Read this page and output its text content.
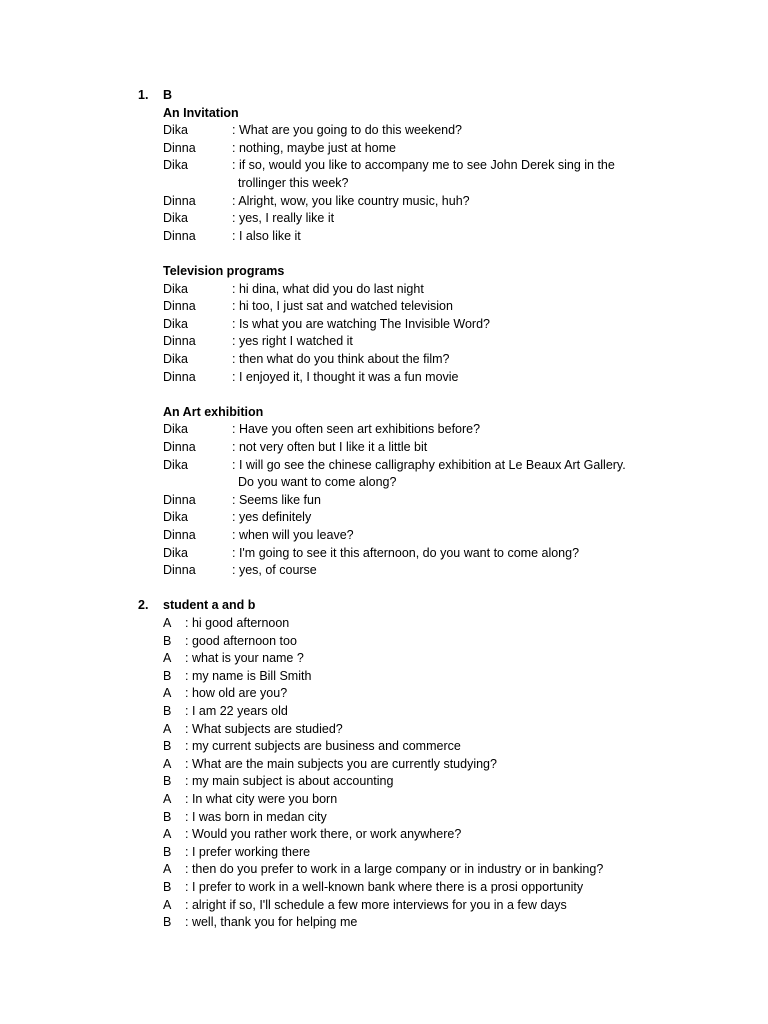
1. B
An Invitation
Dika	: What are you going to do this weekend?
Dinna	: nothing, maybe just at home
Dika	: if so, would you like to accompany me to see John Derek sing in the
trollinger this week?
Dinna	: Alright, wow, you like country music, huh?
Dika	: yes, I really like it
Dinna	: I also like it
Television programs
Dika	: hi dina, what did you do last night
Dinna	: hi too, I just sat and watched television
Dika	: Is what you are watching The Invisible Word?
Dinna	: yes right I watched it
Dika	: then what do you think about the film?
Dinna	: I enjoyed it, I thought it was a fun movie
An Art exhibition
Dika	: Have you often seen art exhibitions before?
Dinna	: not very often but I like it a little bit
Dika	: I will go see the chinese calligraphy exhibition at Le Beaux Art Gallery.
Do you want to come along?
Dinna	: Seems like fun
Dika	: yes definitely
Dinna	: when will you leave?
Dika	: I'm going to see it this afternoon, do you want to come along?
Dinna	: yes, of course
2. student a and b
A : hi good afternoon
B : good afternoon too
A : what is your name ?
B : my name is Bill Smith
A : how old are you?
B : I am 22 years old
A : What subjects are studied?
B : my current subjects are business and commerce
A : What are the main subjects you are currently studying?
B : my main subject is about accounting
A : In what city were you born
B : I was born in medan city
A : Would you rather work there, or work anywhere?
B : I prefer working there
A : then do you prefer to work in a large company or in industry or in banking?
B : I prefer to work in a well-known bank where there is a prosi opportunity
A : alright if so, I'll schedule a few more interviews for you in a few days
B : well, thank you for helping me
